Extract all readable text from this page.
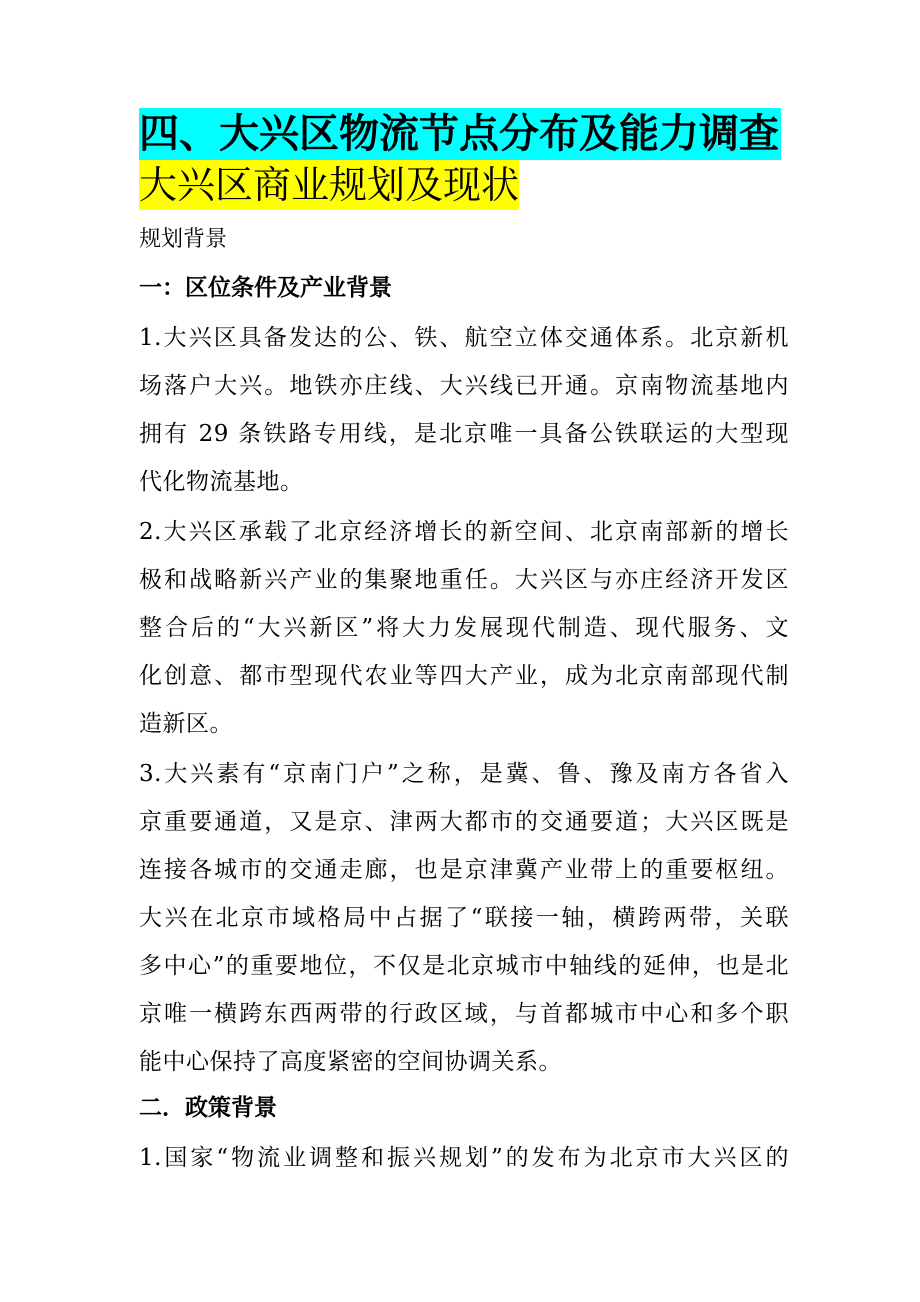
四、大兴区物流节点分布及能力调查
大兴区商业规划及现状
规划背景
一：区位条件及产业背景
1.大兴区具备发达的公、铁、航空立体交通体系。北京新机
场落户大兴。地铁亦庄线、大兴线已开通。京南物流基地内
拥有 29 条铁路专用线，是北京唯一具备公铁联运的大型现
代化物流基地。
2.大兴区承载了北京经济增长的新空间、北京南部新的增长
极和战略新兴产业的集聚地重任。大兴区与亦庄经济开发区
整合后的“大兴新区”将大力发展现代制造、现代服务、文
化创意、都市型现代农业等四大产业，成为北京南部现代制
造新区。
3.大兴素有“京南门户”之称，是冀、鲁、豫及南方各省入
京重要通道，又是京、津两大都市的交通要道；大兴区既是
连接各城市的交通走廊，也是京津冀产业带上的重要枢纽。
大兴在北京市域格局中占据了“联接一轴，横跨两带，关联
多中心”的重要地位，不仅是北京城市中轴线的延伸，也是北
京唯一横跨东西两带的行政区域，与首都城市中心和多个职
能中心保持了高度紧密的空间协调关系。
二．政策背景
1.国家“物流业调整和振兴规划”的发布为北京市大兴区的
